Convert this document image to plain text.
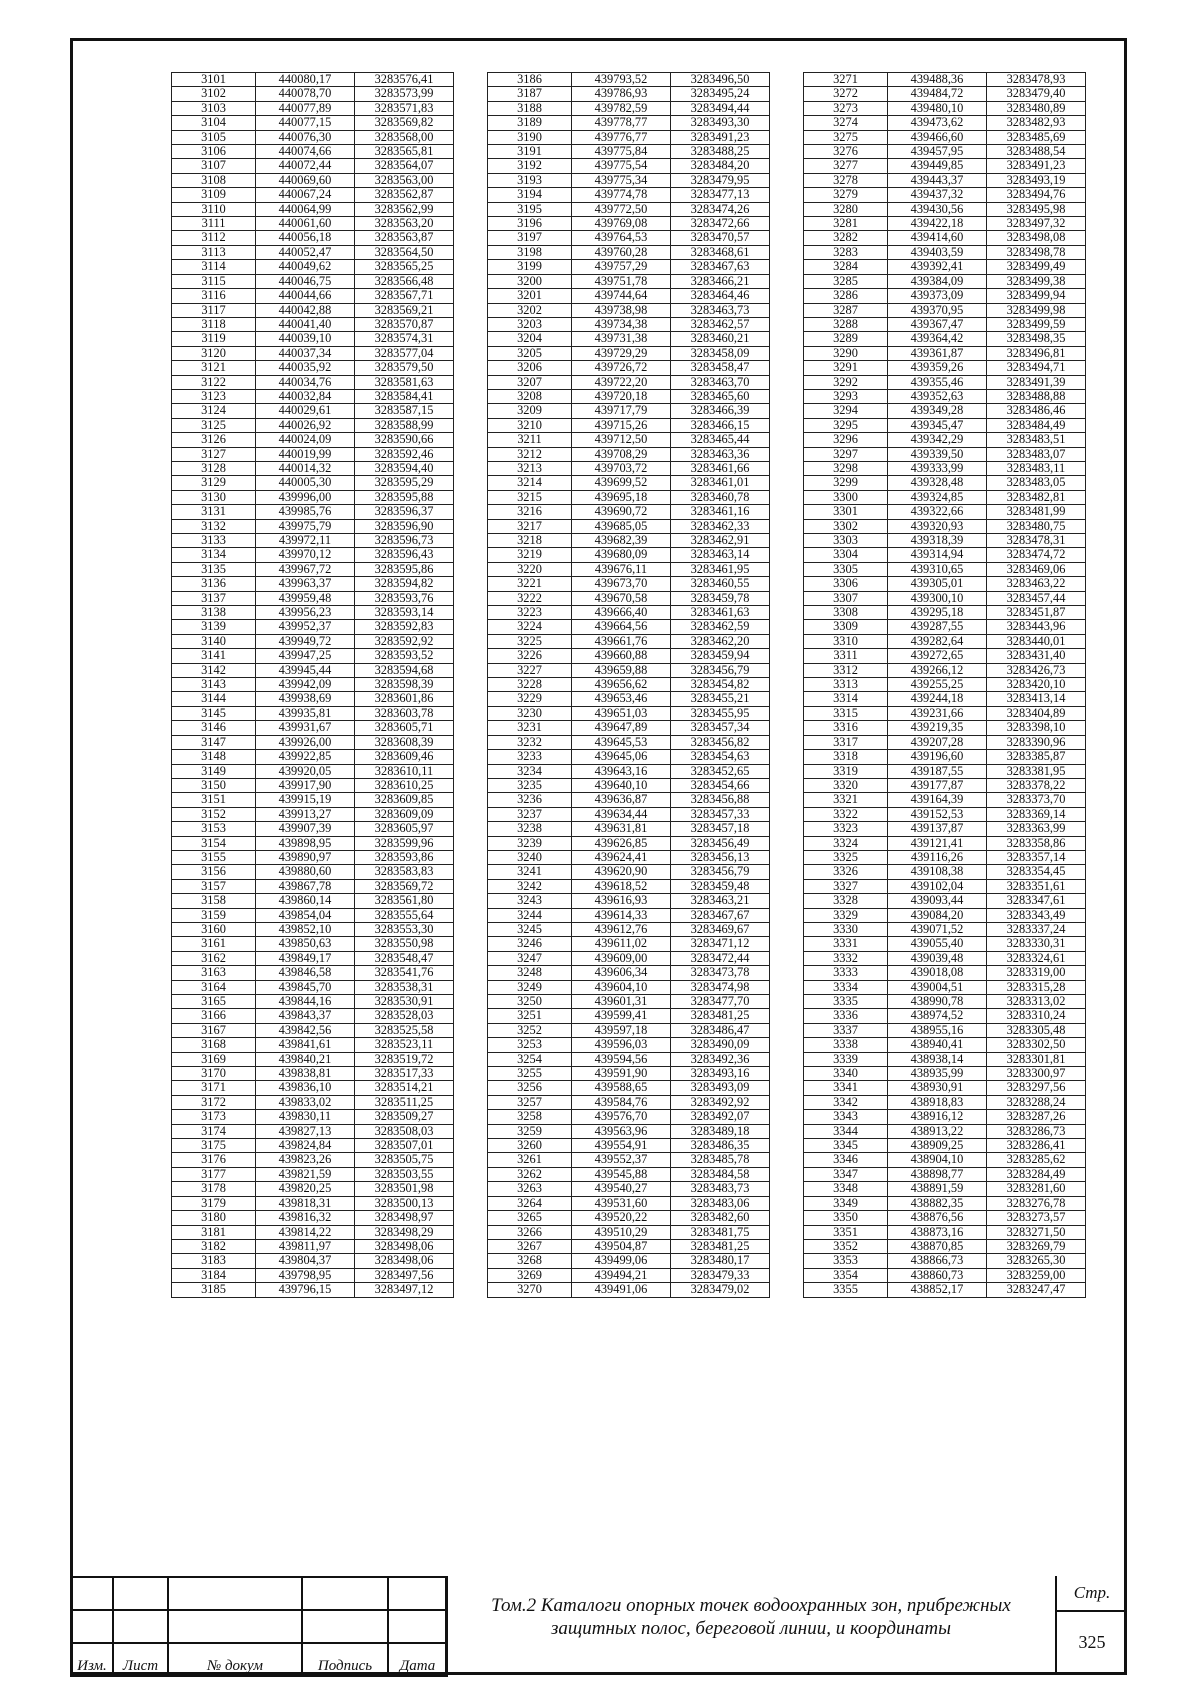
3101	440080,17	3283576,41
3102	440078,70	3283573,99
3103	440077,89	3283571,83
3104	440077,15	3283569,82
3105	440076,30	3283568,00
3106	440074,66	3283565,81
3107	440072,44	3283564,07
3108	440069,60	3283563,00
3109	440067,24	3283562,87
3110	440064,99	3283562,99
3111	440061,60	3283563,20
3112	440056,18	3283563,87
3113	440052,47	3283564,50
3114	440049,62	3283565,25
3115	440046,75	3283566,48
3116	440044,66	3283567,71
3117	440042,88	3283569,21
3118	440041,40	3283570,87
3119	440039,10	3283574,31
3120	440037,34	3283577,04
3121	440035,92	3283579,50
3122	440034,76	3283581,63
3123	440032,84	3283584,41
3124	440029,61	3283587,15
3125	440026,92	3283588,99
3126	440024,09	3283590,66
3127	440019,99	3283592,46
3128	440014,32	3283594,40
3129	440005,30	3283595,29
3130	439996,00	3283595,88
3131	439985,76	3283596,37
3132	439975,79	3283596,90
3133	439972,11	3283596,73
3134	439970,12	3283596,43
3135	439967,72	3283595,86
3136	439963,37	3283594,82
3137	439959,48	3283593,76
3138	439956,23	3283593,14
3139	439952,37	3283592,83
3140	439949,72	3283592,92
3141	439947,25	3283593,52
3142	439945,44	3283594,68
3143	439942,09	3283598,39
3144	439938,69	3283601,86
3145	439935,81	3283603,78
3146	439931,67	3283605,71
3147	439926,00	3283608,39
3148	439922,85	3283609,46
3149	439920,05	3283610,11
3150	439917,90	3283610,25
3151	439915,19	3283609,85
3152	439913,27	3283609,09
3153	439907,39	3283605,97
3154	439898,95	3283599,96
3155	439890,97	3283593,86
3156	439880,60	3283583,83
3157	439867,78	3283569,72
3158	439860,14	3283561,80
3159	439854,04	3283555,64
3160	439852,10	3283553,30
3161	439850,63	3283550,98
3162	439849,17	3283548,47
3163	439846,58	3283541,76
3164	439845,70	3283538,31
3165	439844,16	3283530,91
3166	439843,37	3283528,03
3167	439842,56	3283525,58
3168	439841,61	3283523,11
3169	439840,21	3283519,72
3170	439838,81	3283517,33
3171	439836,10	3283514,21
3172	439833,02	3283511,25
3173	439830,11	3283509,27
3174	439827,13	3283508,03
3175	439824,84	3283507,01
3176	439823,26	3283505,75
3177	439821,59	3283503,55
3178	439820,25	3283501,98
3179	439818,31	3283500,13
3180	439816,32	3283498,97
3181	439814,22	3283498,29
3182	439811,97	3283498,06
3183	439804,37	3283498,06
3184	439798,95	3283497,56
3185	439796,15	3283497,12
3186	439793,52	3283496,50
3187	439786,93	3283495,24
3188	439782,59	3283494,44
3189	439778,77	3283493,30
3190	439776,77	3283491,23
3191	439775,84	3283488,25
3192	439775,54	3283484,20
3193	439775,34	3283479,95
3194	439774,78	3283477,13
3195	439772,50	3283474,26
3196	439769,08	3283472,66
3197	439764,53	3283470,57
3198	439760,28	3283468,61
3199	439757,29	3283467,63
3200	439751,78	3283466,21
3201	439744,64	3283464,46
3202	439738,98	3283463,73
3203	439734,38	3283462,57
3204	439731,38	3283460,21
3205	439729,29	3283458,09
3206	439726,72	3283458,47
3207	439722,20	3283463,70
3208	439720,18	3283465,60
3209	439717,79	3283466,39
3210	439715,26	3283466,15
3211	439712,50	3283465,44
3212	439708,29	3283463,36
3213	439703,72	3283461,66
3214	439699,52	3283461,01
3215	439695,18	3283460,78
3216	439690,72	3283461,16
3217	439685,05	3283462,33
3218	439682,39	3283462,91
3219	439680,09	3283463,14
3220	439676,11	3283461,95
3221	439673,70	3283460,55
3222	439670,58	3283459,78
3223	439666,40	3283461,63
3224	439664,56	3283462,59
3225	439661,76	3283462,20
3226	439660,88	3283459,94
3227	439659,88	3283456,79
3228	439656,62	3283454,82
3229	439653,46	3283455,21
3230	439651,03	3283455,95
3231	439647,89	3283457,34
3232	439645,53	3283456,82
3233	439645,06	3283454,63
3234	439643,16	3283452,65
3235	439640,10	3283454,66
3236	439636,87	3283456,88
3237	439634,44	3283457,33
3238	439631,81	3283457,18
3239	439626,85	3283456,49
3240	439624,41	3283456,13
3241	439620,90	3283456,79
3242	439618,52	3283459,48
3243	439616,93	3283463,21
3244	439614,33	3283467,67
3245	439612,76	3283469,67
3246	439611,02	3283471,12
3247	439609,00	3283472,44
3248	439606,34	3283473,78
3249	439604,10	3283474,98
3250	439601,31	3283477,70
3251	439599,41	3283481,25
3252	439597,18	3283486,47
3253	439596,03	3283490,09
3254	439594,56	3283492,36
3255	439591,90	3283493,16
3256	439588,65	3283493,09
3257	439584,76	3283492,92
3258	439576,70	3283492,07
3259	439563,96	3283489,18
3260	439554,91	3283486,35
3261	439552,37	3283485,78
3262	439545,88	3283484,58
3263	439540,27	3283483,73
3264	439531,60	3283483,06
3265	439520,22	3283482,60
3266	439510,29	3283481,75
3267	439504,87	3283481,25
3268	439499,06	3283480,17
3269	439494,21	3283479,33
3270	439491,06	3283479,02
3271	439488,36	3283478,93
3272	439484,72	3283479,40
3273	439480,10	3283480,89
3274	439473,62	3283482,93
3275	439466,60	3283485,69
3276	439457,95	3283488,54
3277	439449,85	3283491,23
3278	439443,37	3283493,19
3279	439437,32	3283494,76
3280	439430,56	3283495,98
3281	439422,18	3283497,32
3282	439414,60	3283498,08
3283	439403,59	3283498,78
3284	439392,41	3283499,49
3285	439384,09	3283499,38
3286	439373,09	3283499,94
3287	439370,95	3283499,98
3288	439367,47	3283499,59
3289	439364,42	3283498,35
3290	439361,87	3283496,81
3291	439359,26	3283494,71
3292	439355,46	3283491,39
3293	439352,63	3283488,88
3294	439349,28	3283486,46
3295	439345,47	3283484,49
3296	439342,29	3283483,51
3297	439339,50	3283483,07
3298	439333,99	3283483,11
3299	439328,48	3283483,05
3300	439324,85	3283482,81
3301	439322,66	3283481,99
3302	439320,93	3283480,75
3303	439318,39	3283478,31
3304	439314,94	3283474,72
3305	439310,65	3283469,06
3306	439305,01	3283463,22
3307	439300,10	3283457,44
3308	439295,18	3283451,87
3309	439287,55	3283443,96
3310	439282,64	3283440,01
3311	439272,65	3283431,40
3312	439266,12	3283426,73
3313	439255,25	3283420,10
3314	439244,18	3283413,14
3315	439231,66	3283404,89
3316	439219,35	3283398,10
3317	439207,28	3283390,96
3318	439196,60	3283385,87
3319	439187,55	3283381,95
3320	439177,87	3283378,22
3321	439164,39	3283373,70
3322	439152,53	3283369,14
3323	439137,87	3283363,99
3324	439121,41	3283358,86
3325	439116,26	3283357,14
3326	439108,38	3283354,45
3327	439102,04	3283351,61
3328	439093,44	3283347,61
3329	439084,20	3283343,49
3330	439071,52	3283337,24
3331	439055,40	3283330,31
3332	439039,48	3283324,61
3333	439018,08	3283319,00
3334	439004,51	3283315,28
3335	438990,78	3283313,02
3336	438974,52	3283310,24
3337	438955,16	3283305,48
3338	438940,41	3283302,50
3339	438938,14	3283301,81
3340	438935,99	3283300,97
3341	438930,91	3283297,56
3342	438918,83	3283288,24
3343	438916,12	3283287,26
3344	438913,22	3283286,73
3345	438909,25	3283286,41
3346	438904,10	3283285,62
3347	438898,77	3283284,49
3348	438891,59	3283281,60
3349	438882,35	3283276,78
3350	438876,56	3283273,57
3351	438873,16	3283271,50
3352	438870,85	3283269,79
3353	438866,73	3283265,30
3354	438860,73	3283259,00
3355	438852,17	3283247,47

Изм.	Лист	№ докум	Подпись	Дата
Том.2 Каталоги опорных точек водоохранных зон, прибрежных защитных полос, береговой линии, и координаты
Стр.
325
